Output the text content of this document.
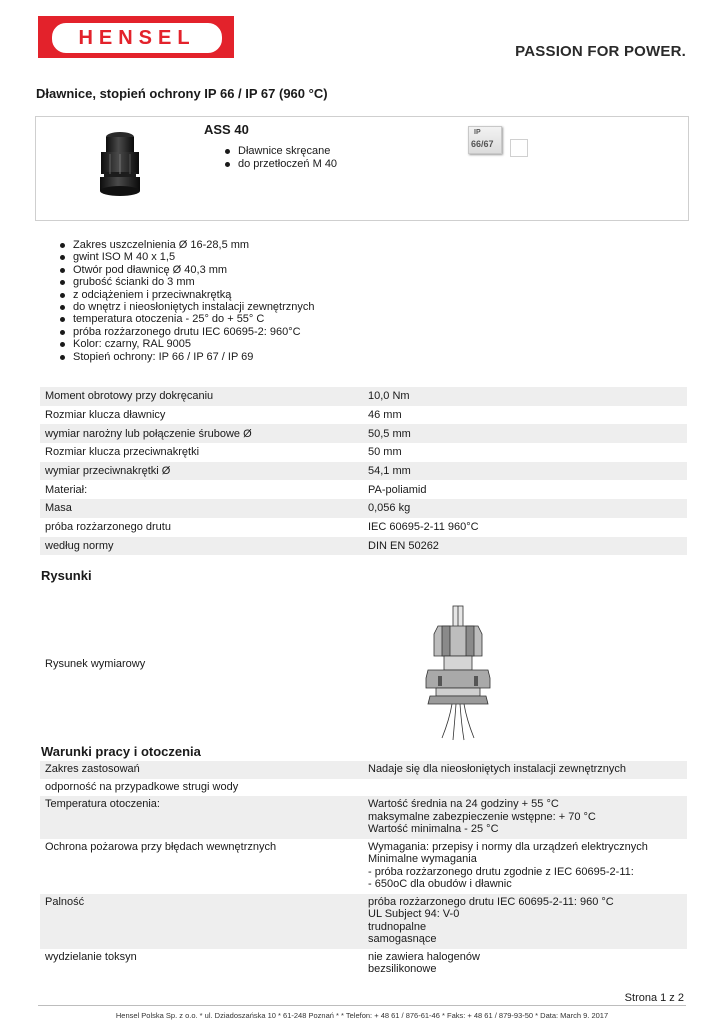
HENSEL
PASSION FOR POWER.
Dławnice, stopień ochrony IP 66 / IP 67 (960 °C)
ASS 40
Dławnice skręcane
do przetłoczeń M 40
IP
66/67
Zakres uszczelnienia Ø 16-28,5 mm
gwint ISO M 40 x 1,5
Otwór pod dławnicę Ø 40,3 mm
grubość ścianki do 3 mm
z odciążeniem i przeciwnakrętką
do wnętrz i nieosłoniętych instalacji zewnętrznych
temperatura otoczenia - 25° do + 55° C
próba rozżarzonego drutu IEC 60695-2: 960°C
Kolor: czarny, RAL 9005
Stopień ochrony: IP 66 / IP 67 / IP 69
Moment obrotowy przy dokręcaniu	10,0 Nm
Rozmiar klucza dławnicy	46 mm
wymiar narożny lub połączenie śrubowe Ø	50,5 mm
Rozmiar klucza przeciwnakrętki	50 mm
wymiar przeciwnakrętki Ø	54,1 mm
Materiał:	PA-poliamid
Masa	0,056 kg
próba rozżarzonego drutu	IEC 60695-2-11 960°C
według normy	DIN EN 50262
Rysunki
Rysunek wymiarowy
Warunki pracy i otoczenia
Zakres zastosowań	Nadaje się dla nieosłoniętych instalacji zewnętrznych
odporność na przypadkowe strugi wody	
Temperatura otoczenia:	Wartość średnia na 24 godziny + 55 °C
maksymalne zabezpieczenie wstępne: + 70 °C
Wartość minimalna - 25 °C
Ochrona pożarowa przy błędach wewnętrznych	Wymagania: przepisy i normy dla urządzeń elektrycznych
Minimalne wymagania
- próba rozżarzonego drutu zgodnie z IEC 60695-2-11:
- 650oC dla obudów i dławnic
Palność	próba rozżarzonego drutu IEC 60695-2-11: 960 °C
UL Subject 94: V-0
trudnopalne
samogasnące
wydzielanie toksyn	nie zawiera halogenów
bezsilikonowe
Strona 1 z 2
Hensel Polska Sp. z o.o. * ul. Dziadoszańska 10 * 61-248 Poznań * * Telefon: + 48 61 / 876-61-46 * Faks: + 48 61 / 879-93-50 * Data: March 9. 2017
